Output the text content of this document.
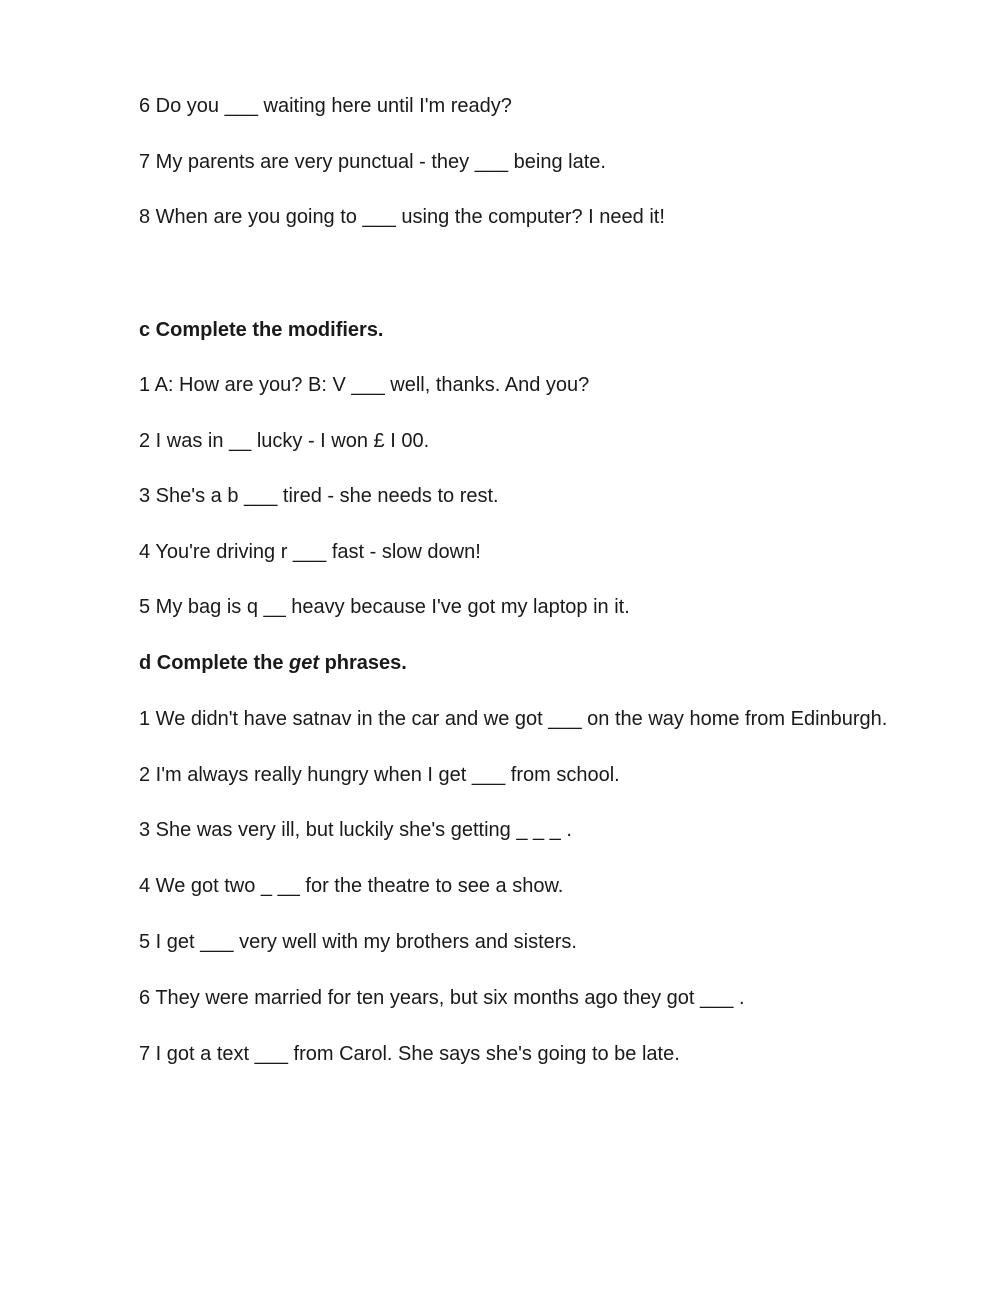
6 Do you ___ waiting here until I'm ready?
7 My parents are very punctual - they ___ being late.
8 When are you going to ___ using the computer? I need it!
c Complete the modifiers.
1 A: How are you? B: V ___ well, thanks. And you?
2 I was in __ lucky - I won £ I 00.
3 She's a b ___ tired - she needs to rest.
4 You're driving r ___ fast - slow down!
5 My bag is q __ heavy because I've got my laptop in it.
d Complete the get phrases.
1 We didn't have satnav in the car and we got ___ on the way home from Edinburgh.
2 I'm always really hungry when I get ___ from school.
3 She was very ill, but luckily she's getting _ _ _ .
4 We got two _ __ for the theatre to see a show.
5 I get ___ very well with my brothers and sisters.
6 They were married for ten years, but six months ago they got ___ .
7 I got a text ___ from Carol. She says she's going to be late.
